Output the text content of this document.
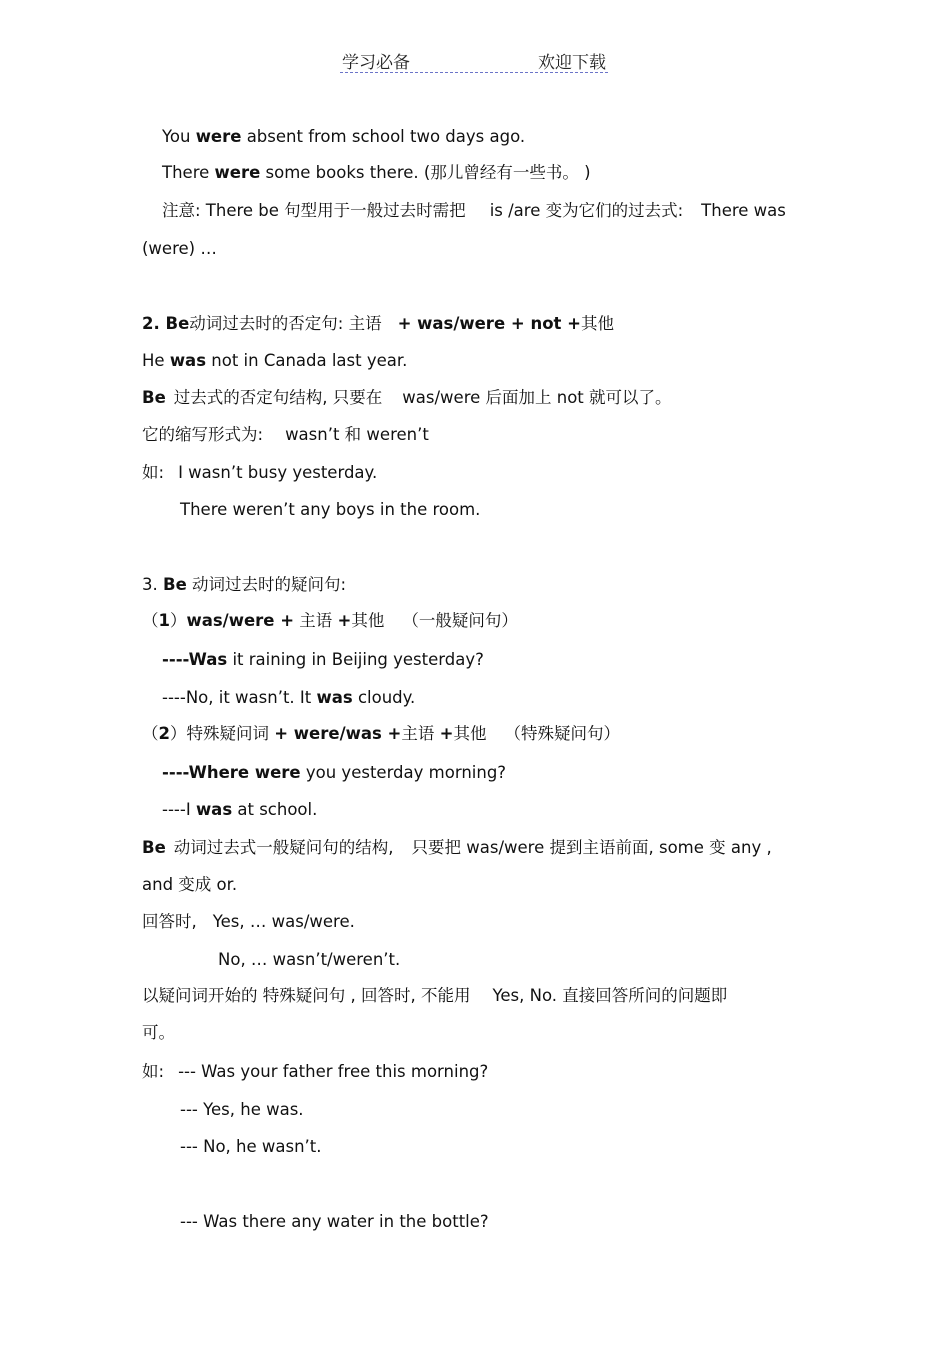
学习必备	欢迎下载
You were absent from school two days ago.
There were some books there. (那儿曾经有一些书。 )
注意: There be 句型用于一般过去时需把 is /are 变为它们的过去式: There was
(were) …
2. Be动词过去时的否定句: 主语 + was/were + not +其他
He was not in Canada last year.
Be 过去式的否定句结构, 只要在 was/were 后面加上 not 就可以了。
它的缩写形式为: wasn’t 和 weren’t
如: I wasn’t busy yesterday.
There weren’t any boys in the room.
3. Be 动词过去时的疑问句:
（1）was/were + 主语 +其他 （一般疑问句）
----Was it raining in Beijing yesterday?
----No, it wasn’t. It was cloudy.
（2）特殊疑问词 + were/was +主语 +其他 （特殊疑问句）
----Where were you yesterday morning?
----I was at school.
Be 动词过去式一般疑问句的结构, 只要把 was/were 提到主语前面, some 变 any ,
and 变成 or.
回答时, Yes, … was/were.
No, … wasn’t/weren’t.
以疑问词开始的 特殊疑问句 , 回答时, 不能用 Yes, No. 直接回答所问的问题即
可。
如: --- Was your father free this morning?
--- Yes, he was.
--- No, he wasn’t.
--- Was there any water in the bottle?
